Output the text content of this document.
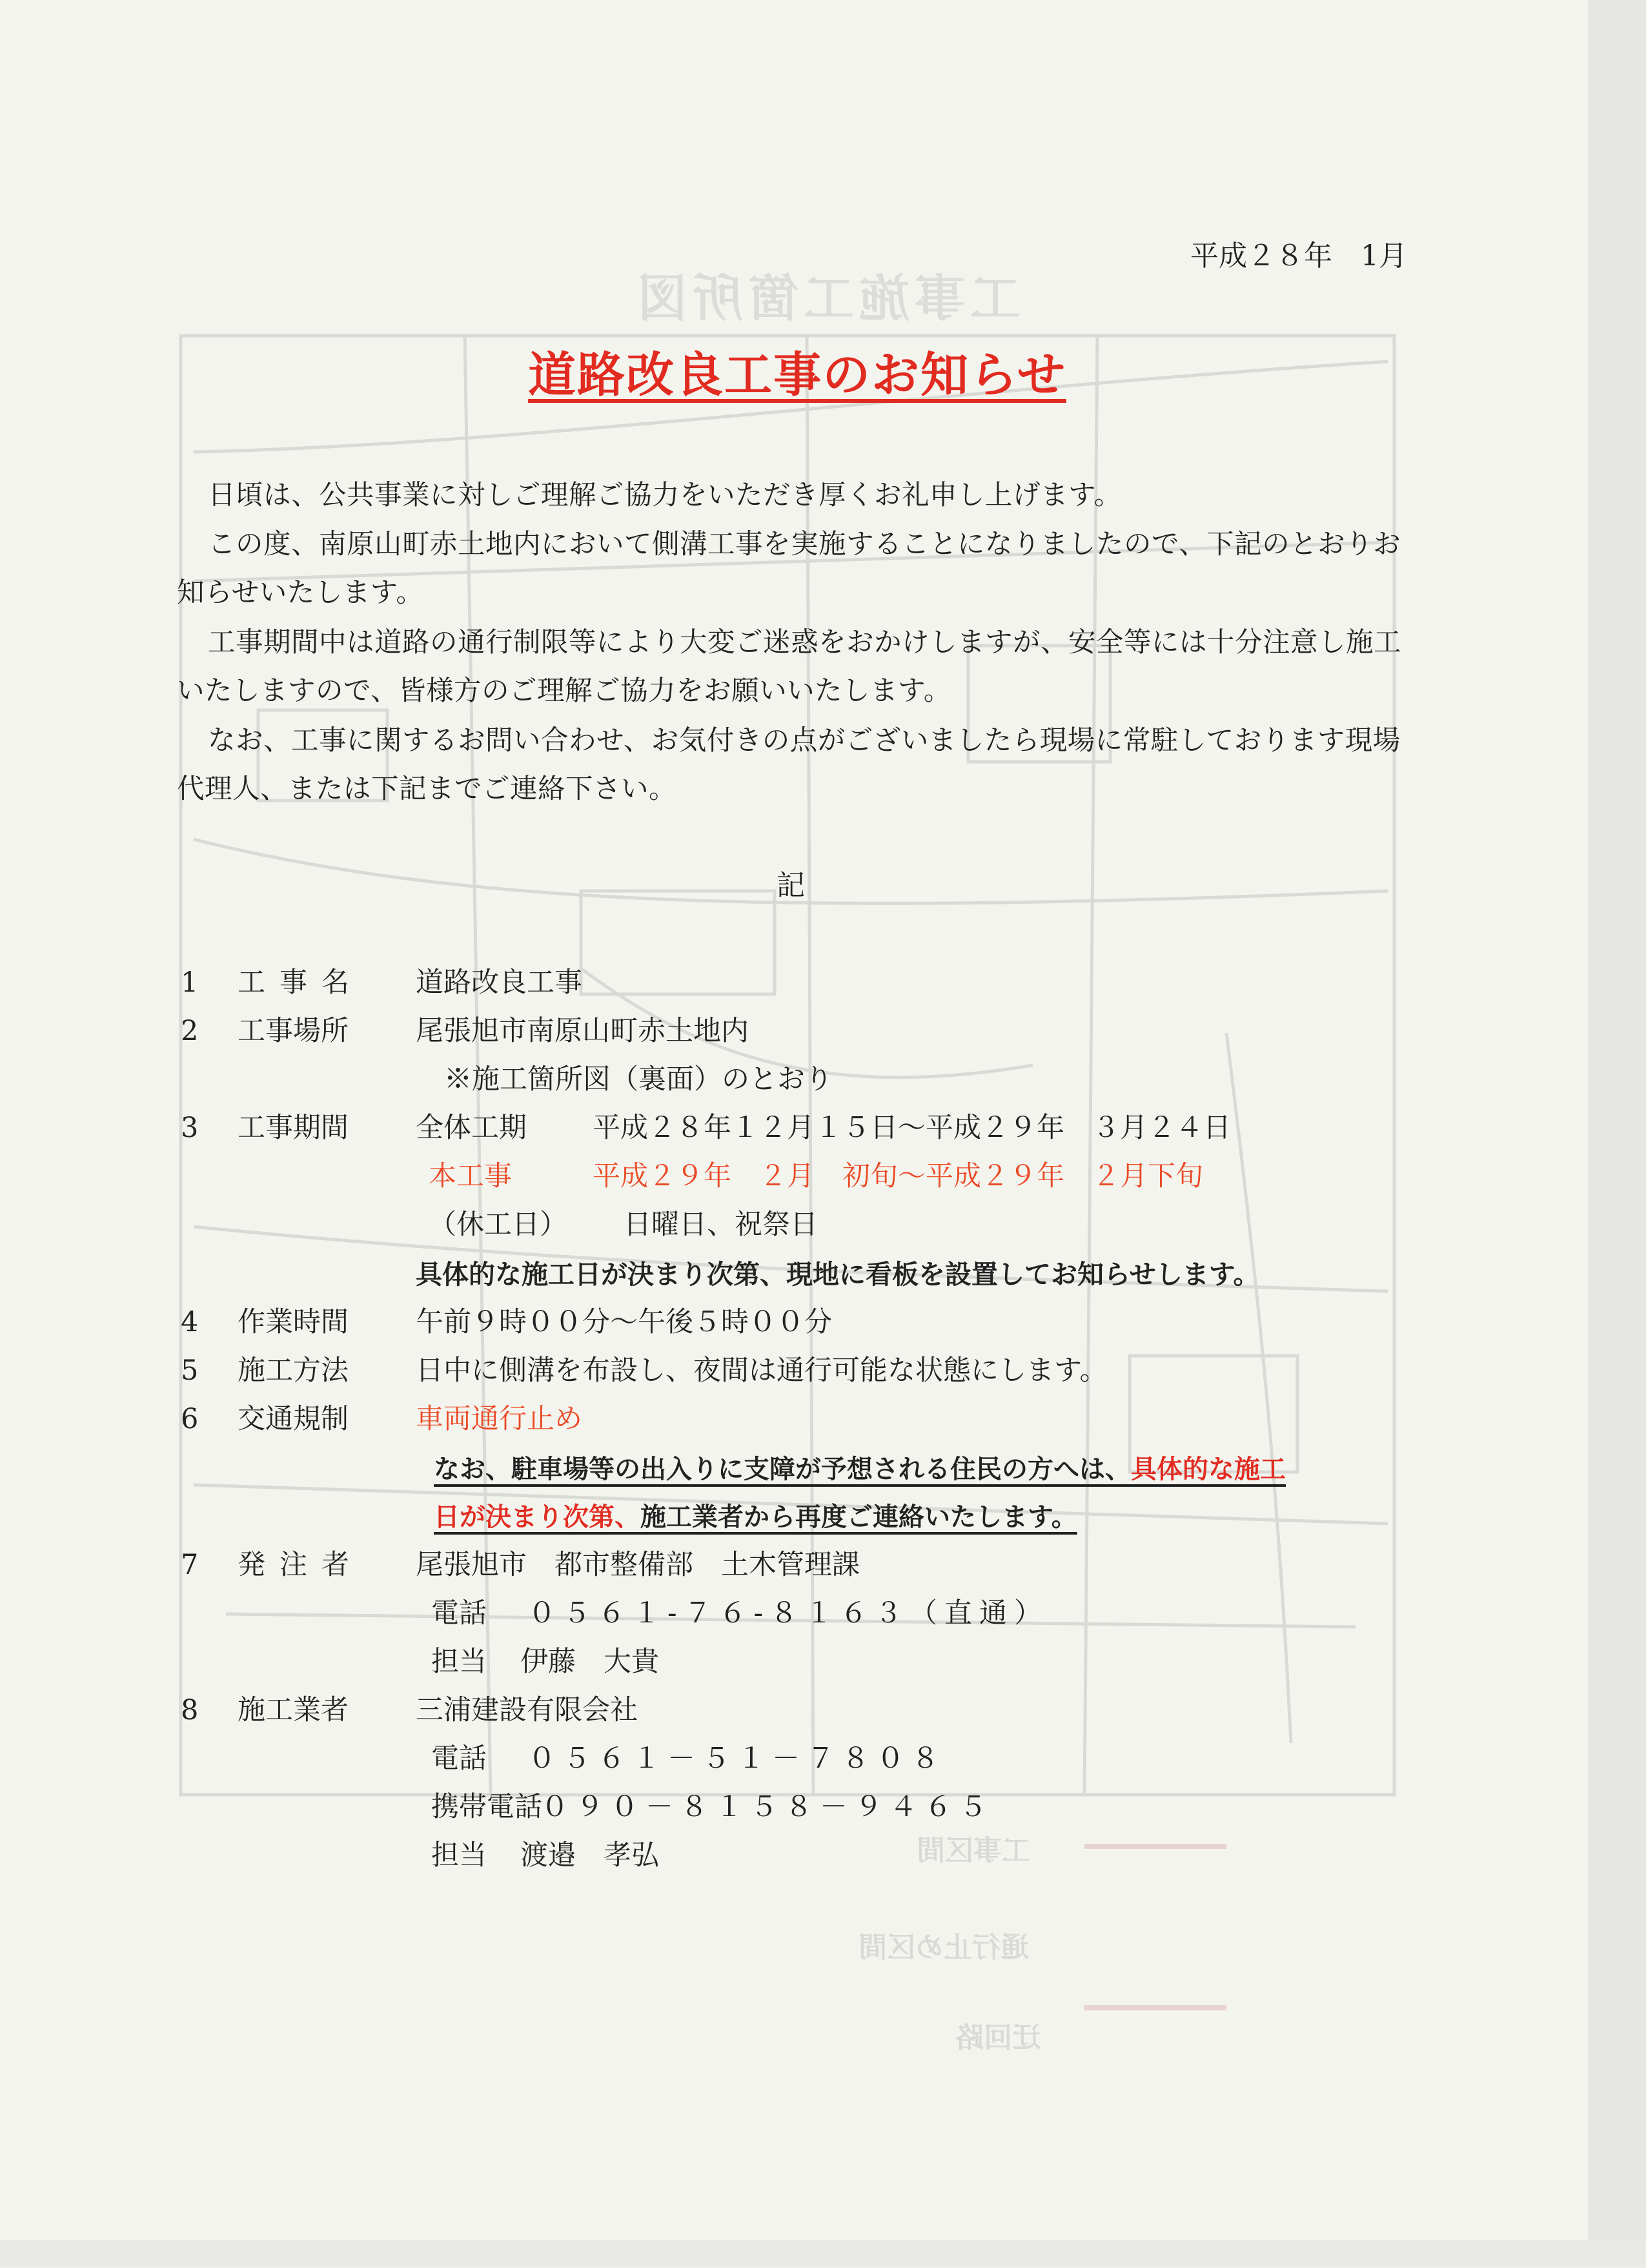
工事施工箇所図
工事区間
通行止め区間
迂回路
平成２８年　1月
道路改良工事のお知らせ
日頃は、公共事業に対しご理解ご協力をいただき厚くお礼申し上げます。
この度、南原山町赤土地内において側溝工事を実施することになりましたので、下記のとおりお知らせいたします。
工事期間中は道路の通行制限等により大変ご迷惑をおかけしますが、安全等には十分注意し施工いたしますので、皆様方のご理解ご協力をお願いいたします。
なお、工事に関するお問い合わせ、お気付きの点がございましたら現場に常駐しております現場代理人、または下記までご連絡下さい。
記
1	工事名	道路改良工事
2	工事場所	尾張旭市南原山町赤土地内
※施工箇所図（裏面）のとおり
3	工事期間	全体工期 平成２８年１２月１５日～平成２９年　３月２４日
本工事	平成２９年　２月　初旬～平成２９年　２月下旬
（休工日） 日曜日、祝祭日
具体的な施工日が決まり次第、現地に看板を設置してお知らせします。
4	作業時間	午前９時００分～午後５時００分
5	施工方法	日中に側溝を布設し、夜間は通行可能な状態にします。
6	交通規制	車両通行止め
なお、駐車場等の出入りに支障が予想される住民の方へは、具体的な施工
日が決まり次第、施工業者から再度ご連絡いたします。
7	発注者	尾張旭市　都市整備部　土木管理課
電話 ０５６１-７６-８１６３（直通）
担当 伊藤　大貴
8	施工業者	三浦建設有限会社
電話 ０５６１－５１－７８０８
携帯電話
０９０－８１５８－９４６５
担当 渡邉　孝弘
